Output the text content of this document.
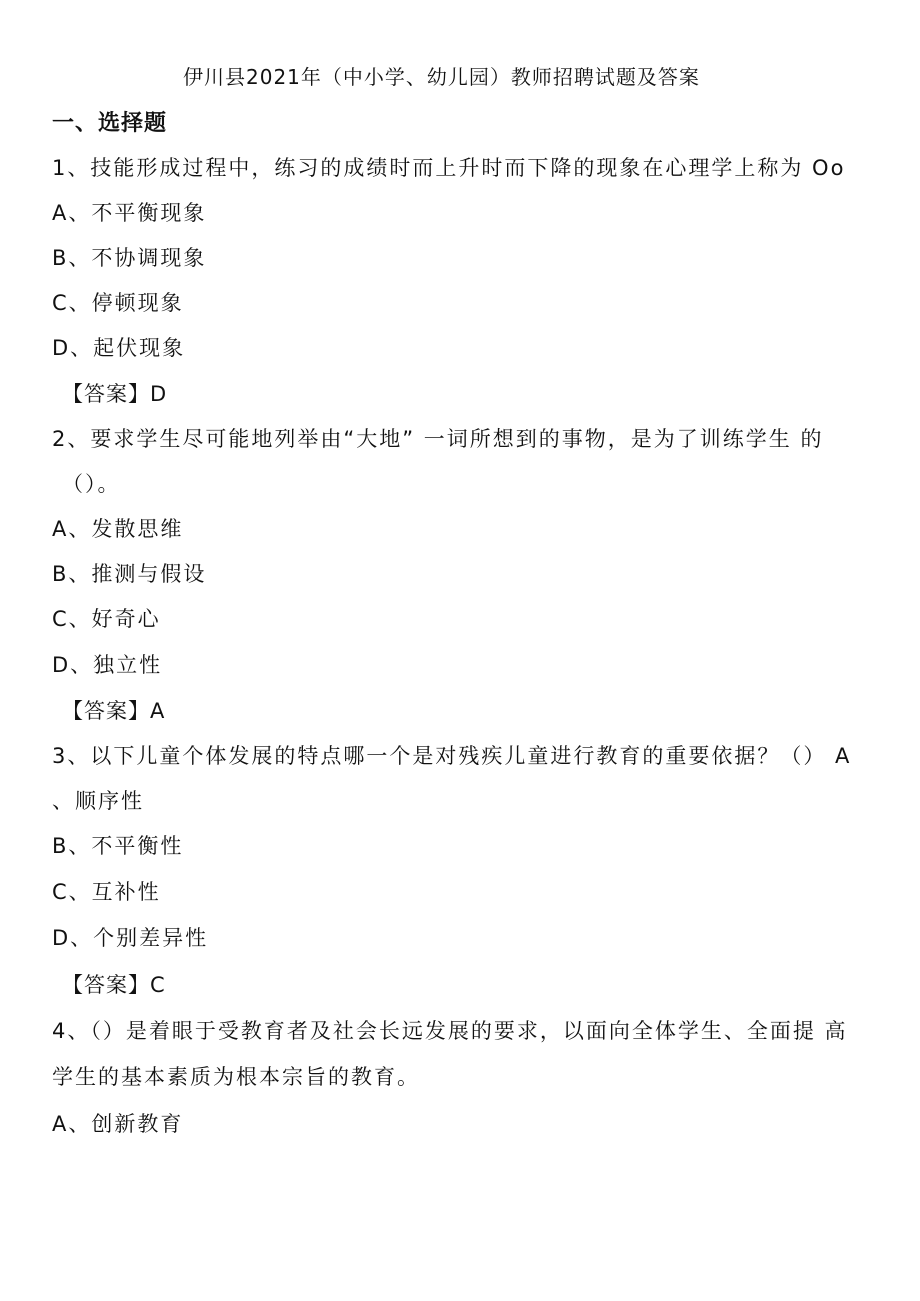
伊川县2021年（中小学、幼儿园）教师招聘试题及答案
一、选择题
1、技能形成过程中，练习的成绩时而上升时而下降的现象在心理学上称为 Oo
A、不平衡现象
B、不协调现象
C、停顿现象
D、起伏现象
【答案】D
2、要求学生尽可能地列举由“大地” 一词所想到的事物，是为了训练学生 的
（）。
A、发散思维
B、推测与假设
C、好奇心
D、独立性
【答案】A
3、以下儿童个体发展的特点哪一个是对残疾儿童进行教育的重要依据？（） A
、顺序性
B、不平衡性
C、互补性
D、个别差异性
【答案】C
4、（）是着眼于受教育者及社会长远发展的要求，以面向全体学生、全面提 高
学生的基本素质为根本宗旨的教育。
A、创新教育
